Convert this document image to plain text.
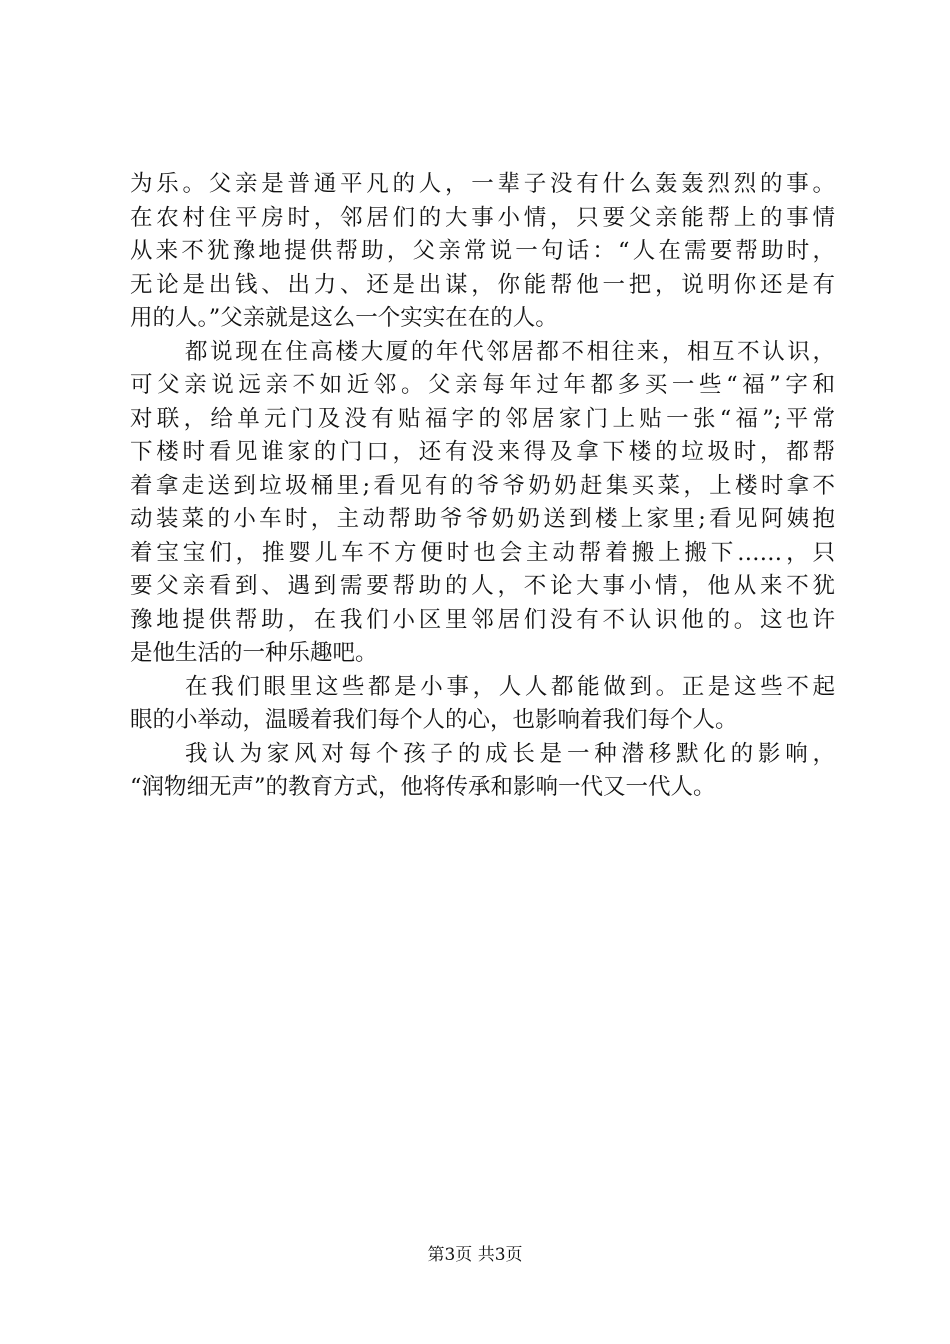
为乐。父亲是普通平凡的人，一辈子没有什么轰轰烈烈的事。
在农村住平房时，邻居们的大事小情，只要父亲能帮上的事情
从来不犹豫地提供帮助，父亲常说一句话：“人在需要帮助时，
无论是出钱、出力、还是出谋，你能帮他一把，说明你还是有
用的人。”父亲就是这么一个实实在在的人。
都说现在住高楼大厦的年代邻居都不相往来，相互不认识，
可父亲说远亲不如近邻。父亲每年过年都多买一些“福”字和
对联，给单元门及没有贴福字的邻居家门上贴一张“福”;平常
下楼时看见谁家的门口，还有没来得及拿下楼的垃圾时，都帮
着拿走送到垃圾桶里;看见有的爷爷奶奶赶集买菜，上楼时拿不
动装菜的小车时，主动帮助爷爷奶奶送到楼上家里;看见阿姨抱
着宝宝们，推婴儿车不方便时也会主动帮着搬上搬下……，只
要父亲看到、遇到需要帮助的人，不论大事小情，他从来不犹
豫地提供帮助，在我们小区里邻居们没有不认识他的。这也许
是他生活的一种乐趣吧。
在我们眼里这些都是小事，人人都能做到。正是这些不起
眼的小举动，温暖着我们每个人的心，也影响着我们每个人。
我认为家风对每个孩子的成长是一种潜移默化的影响，
“润物细无声”的教育方式，他将传承和影响一代又一代人。
第3页 共3页
